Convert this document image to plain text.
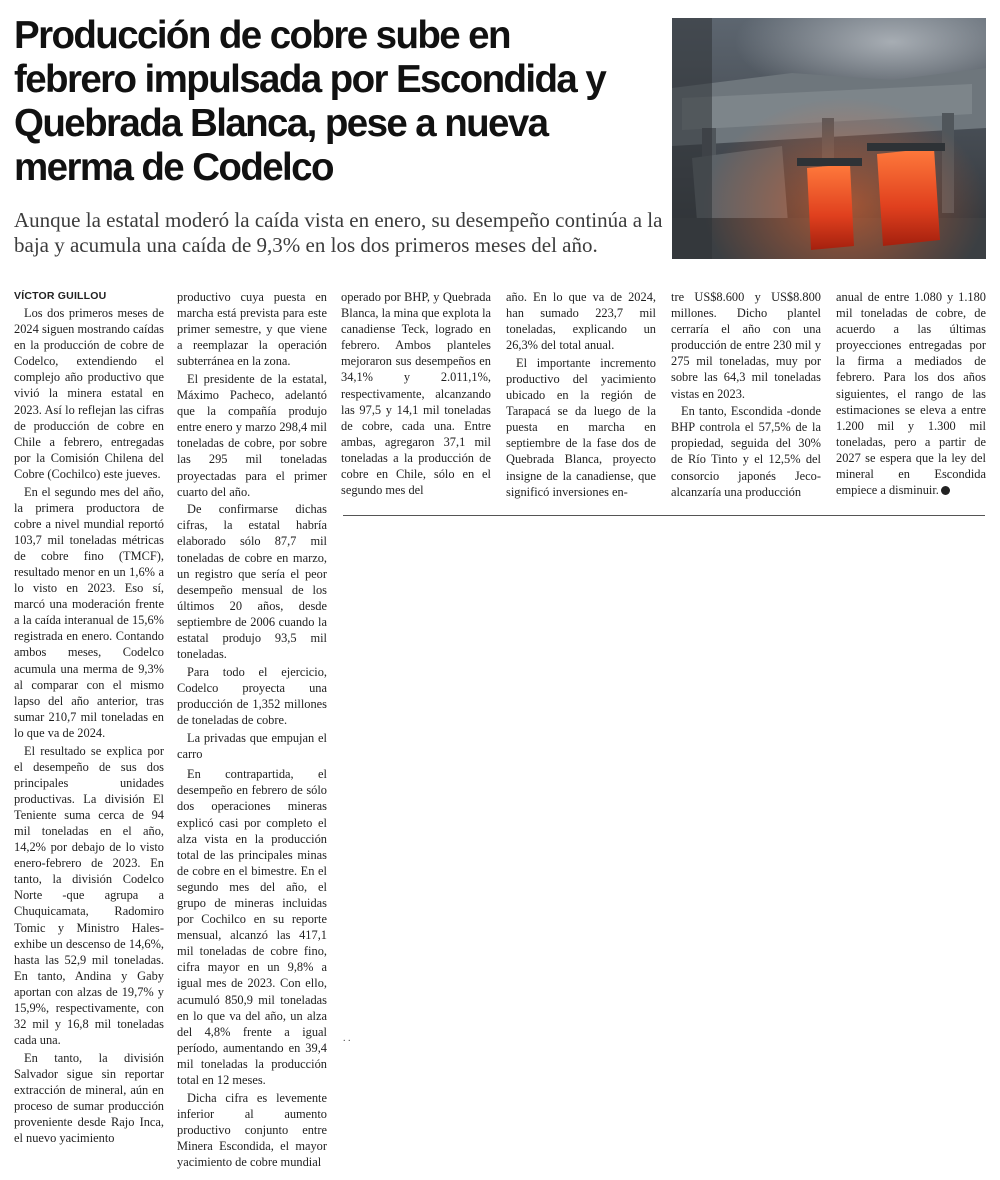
Producción de cobre sube en
febrero impulsada por Escondida y
Quebrada Blanca, pese a nueva
merma de Codelco
Aunque la estatal moderó la caída vista en enero, su desempeño continúa a la
baja y acumula una caída de 9,3% en los dos primeros meses del año.
VÍCTOR GUILLOU

Los dos primeros meses de 2024 siguen mostrando caídas en la producción de cobre de Codelco, extendiendo el complejo año productivo que vivió la minera estatal en 2023. Así lo reflejan las cifras de producción de cobre en Chile a febrero, entregadas por la Comisión Chilena del Cobre (Cochilco) este jueves.

En el segundo mes del año, la primera productora de cobre a nivel mundial reportó 103,7 mil toneladas métricas de cobre fino (TMCF), resultado menor en un 1,6% a lo visto en 2023. Eso sí, marcó una moderación frente a la caída interanual de 15,6% registrada en enero. Contando ambos meses, Codelco acumula una merma de 9,3% al comparar con el mismo lapso del año anterior, tras sumar 210,7 mil toneladas en lo que va de 2024.

El resultado se explica por el desempeño de sus dos principales unidades productivas. La división El Teniente suma cerca de 94 mil toneladas en el año, 14,2% por debajo de lo visto enero-febrero de 2023. En tanto, la división Codelco Norte -que agrupa a Chuquicamata, Radomiro Tomic y Ministro Hales- exhibe un descenso de 14,6%, hasta las 52,9 mil toneladas. En tanto, Andina y Gaby aportan con alzas de 19,7% y 15,9%, respectivamente, con 32 mil y 16,8 mil toneladas cada una.

En tanto, la división Salvador sigue sin reportar extracción de mineral, aún en proceso de sumar producción proveniente desde Rajo Inca, el nuevo yacimiento

productivo cuya puesta en marcha está prevista para este primer semestre, y que viene a reemplazar la operación subterránea en la zona.

El presidente de la estatal, Máximo Pacheco, adelantó que la compañía produjo entre enero y marzo 298,4 mil toneladas de cobre, por sobre las 295 mil toneladas proyectadas para el primer cuarto del año.

De confirmarse dichas cifras, la estatal habría elaborado sólo 87,7 mil toneladas de cobre en marzo, un registro que sería el peor desempeño mensual de los últimos 20 años, desde septiembre de 2006 cuando la estatal produjo 93,5 mil toneladas.

Para todo el ejercicio, Codelco proyecta una producción de 1,352 millones de toneladas de cobre.

La privadas que empujan el carro

En contrapartida, el desempeño en febrero de sólo dos operaciones mineras explicó casi por completo el alza vista en la producción total de las principales minas de cobre en el bimestre. En el segundo mes del año, el grupo de mineras incluidas por Cochilco en su reporte mensual, alcanzó las 417,1 mil toneladas de cobre fino, cifra mayor en un 9,8% a igual mes de 2023. Con ello, acumuló 850,9 mil toneladas en lo que va del año, un alza del 4,8% frente a igual período, aumentando en 39,4 mil toneladas la producción total en 12 meses.

Dicha cifra es levemente inferior al aumento productivo conjunto entre Minera Escondida, el mayor yacimiento de cobre mundial

operado por BHP, y Quebrada Blanca, la mina que explota la canadiense Teck, logrado en febrero. Ambos planteles mejoraron sus desempeños en 34,1% y 2.011,1%, respectivamente, alcanzando las 97,5 y 14,1 mil toneladas de cobre, cada una. Entre ambas, agregaron 37,1 mil toneladas a la producción de cobre en Chile, sólo en el segundo mes del

año. En lo que va de 2024, han sumado 223,7 mil toneladas, explicando un 26,3% del total anual.

El importante incremento productivo del yacimiento ubicado en la región de Tarapacá se da luego de la puesta en marcha en septiembre de la fase dos de Quebrada Blanca, proyecto insigne de la canadiense, que significó inversiones en-

tre US$8.600 y US$8.800 millones. Dicho plantel cerraría el año con una producción de entre 230 mil y 275 mil toneladas, muy por sobre las 64,3 mil toneladas vistas en 2023.

En tanto, Escondida -donde BHP controla el 57,5% de la propiedad, seguida del 30% de Río Tinto y el 12,5% del consorcio japonés Jeco- alcanzaría una producción

anual de entre 1.080 y 1.180 mil toneladas de cobre, de acuerdo a las últimas proyecciones entregadas por la firma a mediados de febrero. Para los dos años siguientes, el rango de las estimaciones se eleva a entre 1.200 mil y 1.300 mil toneladas, pero a partir de 2027 se espera que la ley del mineral en Escondida empiece a disminuir.

. .
